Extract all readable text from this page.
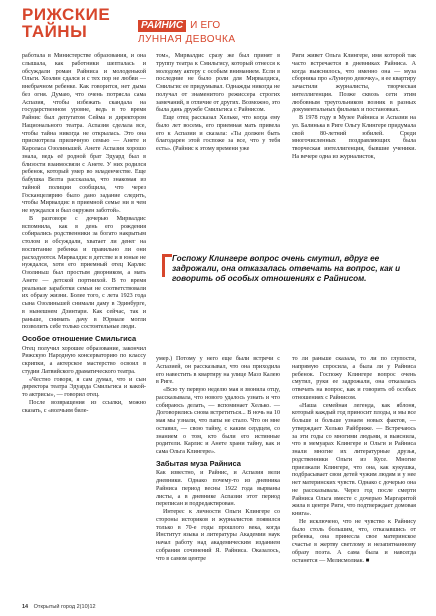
РИЖСКИЕ ТАЙНЫ	РАЙНИС И ЕГО
ЛУННАЯ ДЕВОЧКА

работала в Министерстве образования, и она слышала, как работники шепталась и обсуждали роман Райниса и молоденькой Ольги. Хоэлин сдался и с тех пор не любви — внебрачном ребенке. Как говорится, нет дыма без огня. Думаю, что очень потрясла сама Аспазия, чтобы избежать скандала на государственном уровне, ведь в то время Райнис был депутатом Сейма и директором Национального театра. Аспазия сделала все, чтобы тайна никогда не открылась. Это она присмотрела приличную семью — Анете и Кароласа Озолиньшей. Анете Аспазия хорошо знала, ведь её родной брат Эдуард был в близости взаимосвязи с Анете. У них родился ребенок, который умер во младенчестве. Еще бабушка Велта рассказала, что знакомая из тайной полиции сообщила, что через Госканцелярию было дано задание следить, чтобы Мирвалдис в приемной семье ни в чем не нуждался и был окружен заботой».

В разговоре с дочерью Мирвалдис вспомнила, как в день его рождения собирались родственники за богато накрытым столом и обсуждали, хватает ли денег на воспитание ребенка и правильно ли они расходуются. Мирвалдис в детстве и в юные не нуждался, хотя его приемный отец Карлис Озолиньш был простым дворником, а мать Анете — детской портнихой. В то время реальные заработки семьи не соответствовали их образу жизни. Более того, с лета 1923 года сына Озолиньшей снимали даму в Эдинбурге, в нынешнем Дзинтари. Как сейчас, так и раньше, снимать дачу в Юрмале могли позволить себе только состоятельные люди.

Особое отношение Смильгиса

Отец получил хорошее образование, закончил Рижскую Народную консерваторию по классу скрипки, а актерское мастерство освоил в студии Латвийского драматического театра.

«Честно говоря, я сам думал, что и сын директора театра Эдуарда Смильгиса и какой-то актрисы», — говорил отец.

После возвращения из ссылки, можно сказать, с «волчьим биле-

том», Мирвалдис сразу же был принят в труппу театра к Смильгису, который отнесся к молодому актеру с особым вниманием. Если в последние не было роли для Мирвалдиса, Смильгис ее придумывал. Однажды никогда не получал от знаменитого режиссера строгих замечаний, в отличие от других. Возможно, это была дань дружбе Смильгиса с Райнисом.

Еще отец рассказал Хельке, что когда ему было лет восемь, его приемная мать привела его к Аспазии и сказала: «Ты должен быть благодарен этой госпоже за все, что у тебя есть». (Райнис к этому времени уже

Риги живет Ольга Клингере, имя которой так часто встречается в дневниках Райниса. А когда выяснилось, что именно она — муза сборника про «Лунную девочку», я ее квартиру зачастили журналисты, творческая интеллигенция. Позже сквозь сети этим любовным треугольником возник в разных документальных фильмах и постановках.

В 1978 году в Музее Райниса и Аспазии на ул. Балинька в Риге Ольгу Клингере придумала свой 80-летний юбилей. Среди многочисленных поздравляющих была творческая интеллигенция, бывшие ученики. На вечере одна из журналисток,

Госпожу Клингере вопрос очень смутил, вдруг ее задрожали, она отказалась отвечать на вопрос, как и говорить об особых отношениях с Райнисом.

умер.) Потому у него еще были встречи с Аспазией, он рассказывал, что она приходила его навестить в квартиру на улице Мазз Калею в Риге.

«Всю ту первую неделю мая я звонила отцу, рассказывала, что нового удалось узнать и что собираюсь делать, — вспоминает Хелько. — Договорились снова встретиться... В ночь на 10 мая мы узнали, что папы не стало. Что он мне оставил, — свою тайну, с каким сердцем, со знанием о том, кто были его истинные родители. Карлис и Анете храни тайну, как и сама Ольга Клингере».

Забытая муза Райниса

Как известно, и Райнис, и Аспазия вели дневники. Однако почему-то из дневника Райниса период весны 1922 года вырваны листы, а в дневнике Аспазии этот период переписан и подредактирован.

Интерес к личности Ольги Клингере со стороны историков и журналистов появился только в 70-е годы прошлого века, когда Институт языка и литературы Академии наук начал работу над академическим изданием собрания сочинений Я. Райниса. Оказалось, что в самом центре

то ли раньше сказала, то ли по глупости, напрямую спросила, а была ли у Райниса ребенок. Госпожу Клингере вопрос очень смутил, руки ее задрожали, она отказалась отвечать на вопрос, как и говорить об особых отношениях с Райнисом.

«Наша семейная легенда, как яблоня, который каждый год приносит плоды, и мы все больше и больше узнаем новых фактов, — утверждает Хелько Райбриже. — Встречаюсь за эти годы со многими людьми, я выяснила, что в мемуарах Клингере и Ольги и Райниса знали многие их литературные друзья, родственники Ольги из Кусе. Многие приезжали Клингере, что она, как кукушка, подбрасывает свои детей чужим людям и у нее нет материнских чувств. Однако с дочерью она не рассказывала. Через год после смерти Райниса Ольга вместе с дочерью Маргаритой жила в центре Риги, что подтверждает домовая книга».

Не исключено, что не чувство к Райнису было столь большим, что, отказавшись от ребенка, она принесла свое материнское счастье в жертву светлому и незапятнанному образу поэта. А сама была и навсегда останется — Мелисмолиак. ■

14 Открытый город 2(10)12
